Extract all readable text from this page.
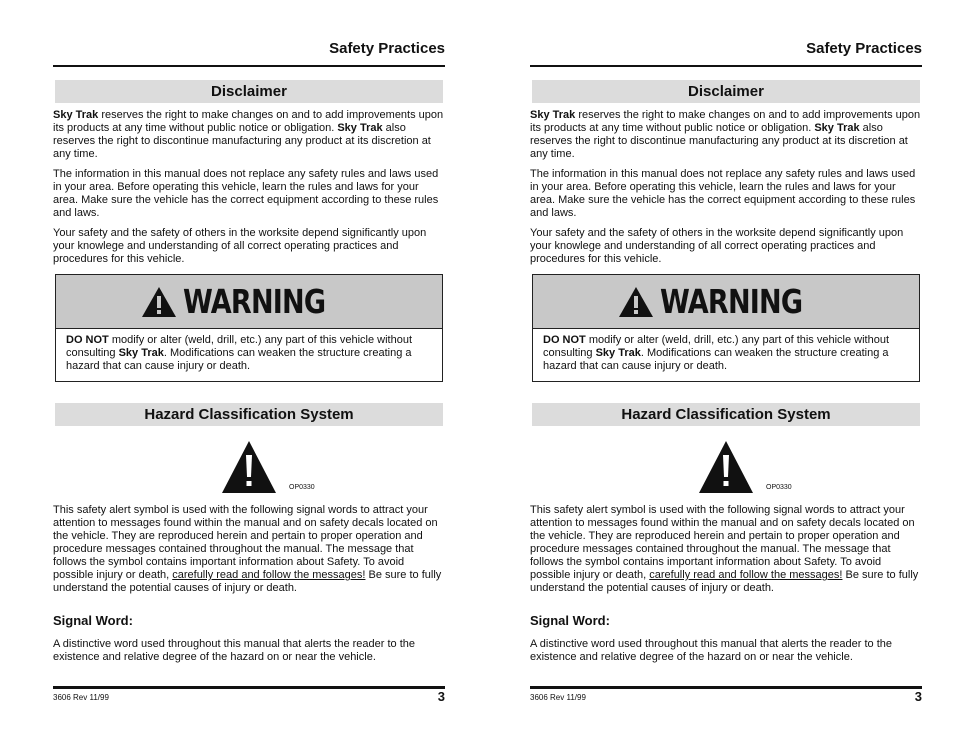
Safety Practices
Disclaimer

Sky Trak reserves the right to make changes on and to add improvements upon its products at any time without public notice or obligation. Sky Trak also reserves the right to discontinue manufacturing any product at its discretion at any time.

The information in this manual does not replace any safety rules and laws used in your area. Before operating this vehicle, learn the rules and laws for your area. Make sure the vehicle has the correct equipment according to these rules and laws.

Your safety and the safety of others in the worksite depend significantly upon your knowlege and understanding of all correct operating practices and procedures for this vehicle.

WARNING

DO NOT modify or alter (weld, drill, etc.) any part of this vehicle without consulting Sky Trak. Modifications can weaken the structure creating a hazard that can cause injury or death.

Hazard Classification System

OP0330

This safety alert symbol is used with the following signal words to attract your attention to messages found within the manual and on safety decals located on the vehicle. They are reproduced herein and pertain to proper operation and procedure messages contained throughout the manual. The message that follows the symbol contains important information about Safety. To avoid possible injury or death, carefully read and follow the messages! Be sure to fully understand the potential causes of injury or death.

Signal Word:

A distinctive word used throughout this manual that alerts the reader to the existence and relative degree of the hazard on or near the vehicle.

3606 Rev 11/99	3

Safety Practices
Disclaimer

Sky Trak reserves the right to make changes on and to add improvements upon its products at any time without public notice or obligation. Sky Trak also reserves the right to discontinue manufacturing any product at its discretion at any time.

The information in this manual does not replace any safety rules and laws used in your area. Before operating this vehicle, learn the rules and laws for your area. Make sure the vehicle has the correct equipment according to these rules and laws.

Your safety and the safety of others in the worksite depend significantly upon your knowlege and understanding of all correct operating practices and procedures for this vehicle.

WARNING

DO NOT modify or alter (weld, drill, etc.) any part of this vehicle without consulting Sky Trak. Modifications can weaken the structure creating a hazard that can cause injury or death.

Hazard Classification System

OP0330

This safety alert symbol is used with the following signal words to attract your attention to messages found within the manual and on safety decals located on the vehicle. They are reproduced herein and pertain to proper operation and procedure messages contained throughout the manual. The message that follows the symbol contains important information about Safety. To avoid possible injury or death, carefully read and follow the messages! Be sure to fully understand the potential causes of injury or death.

Signal Word:

A distinctive word used throughout this manual that alerts the reader to the existence and relative degree of the hazard on or near the vehicle.

3606 Rev 11/99	3
